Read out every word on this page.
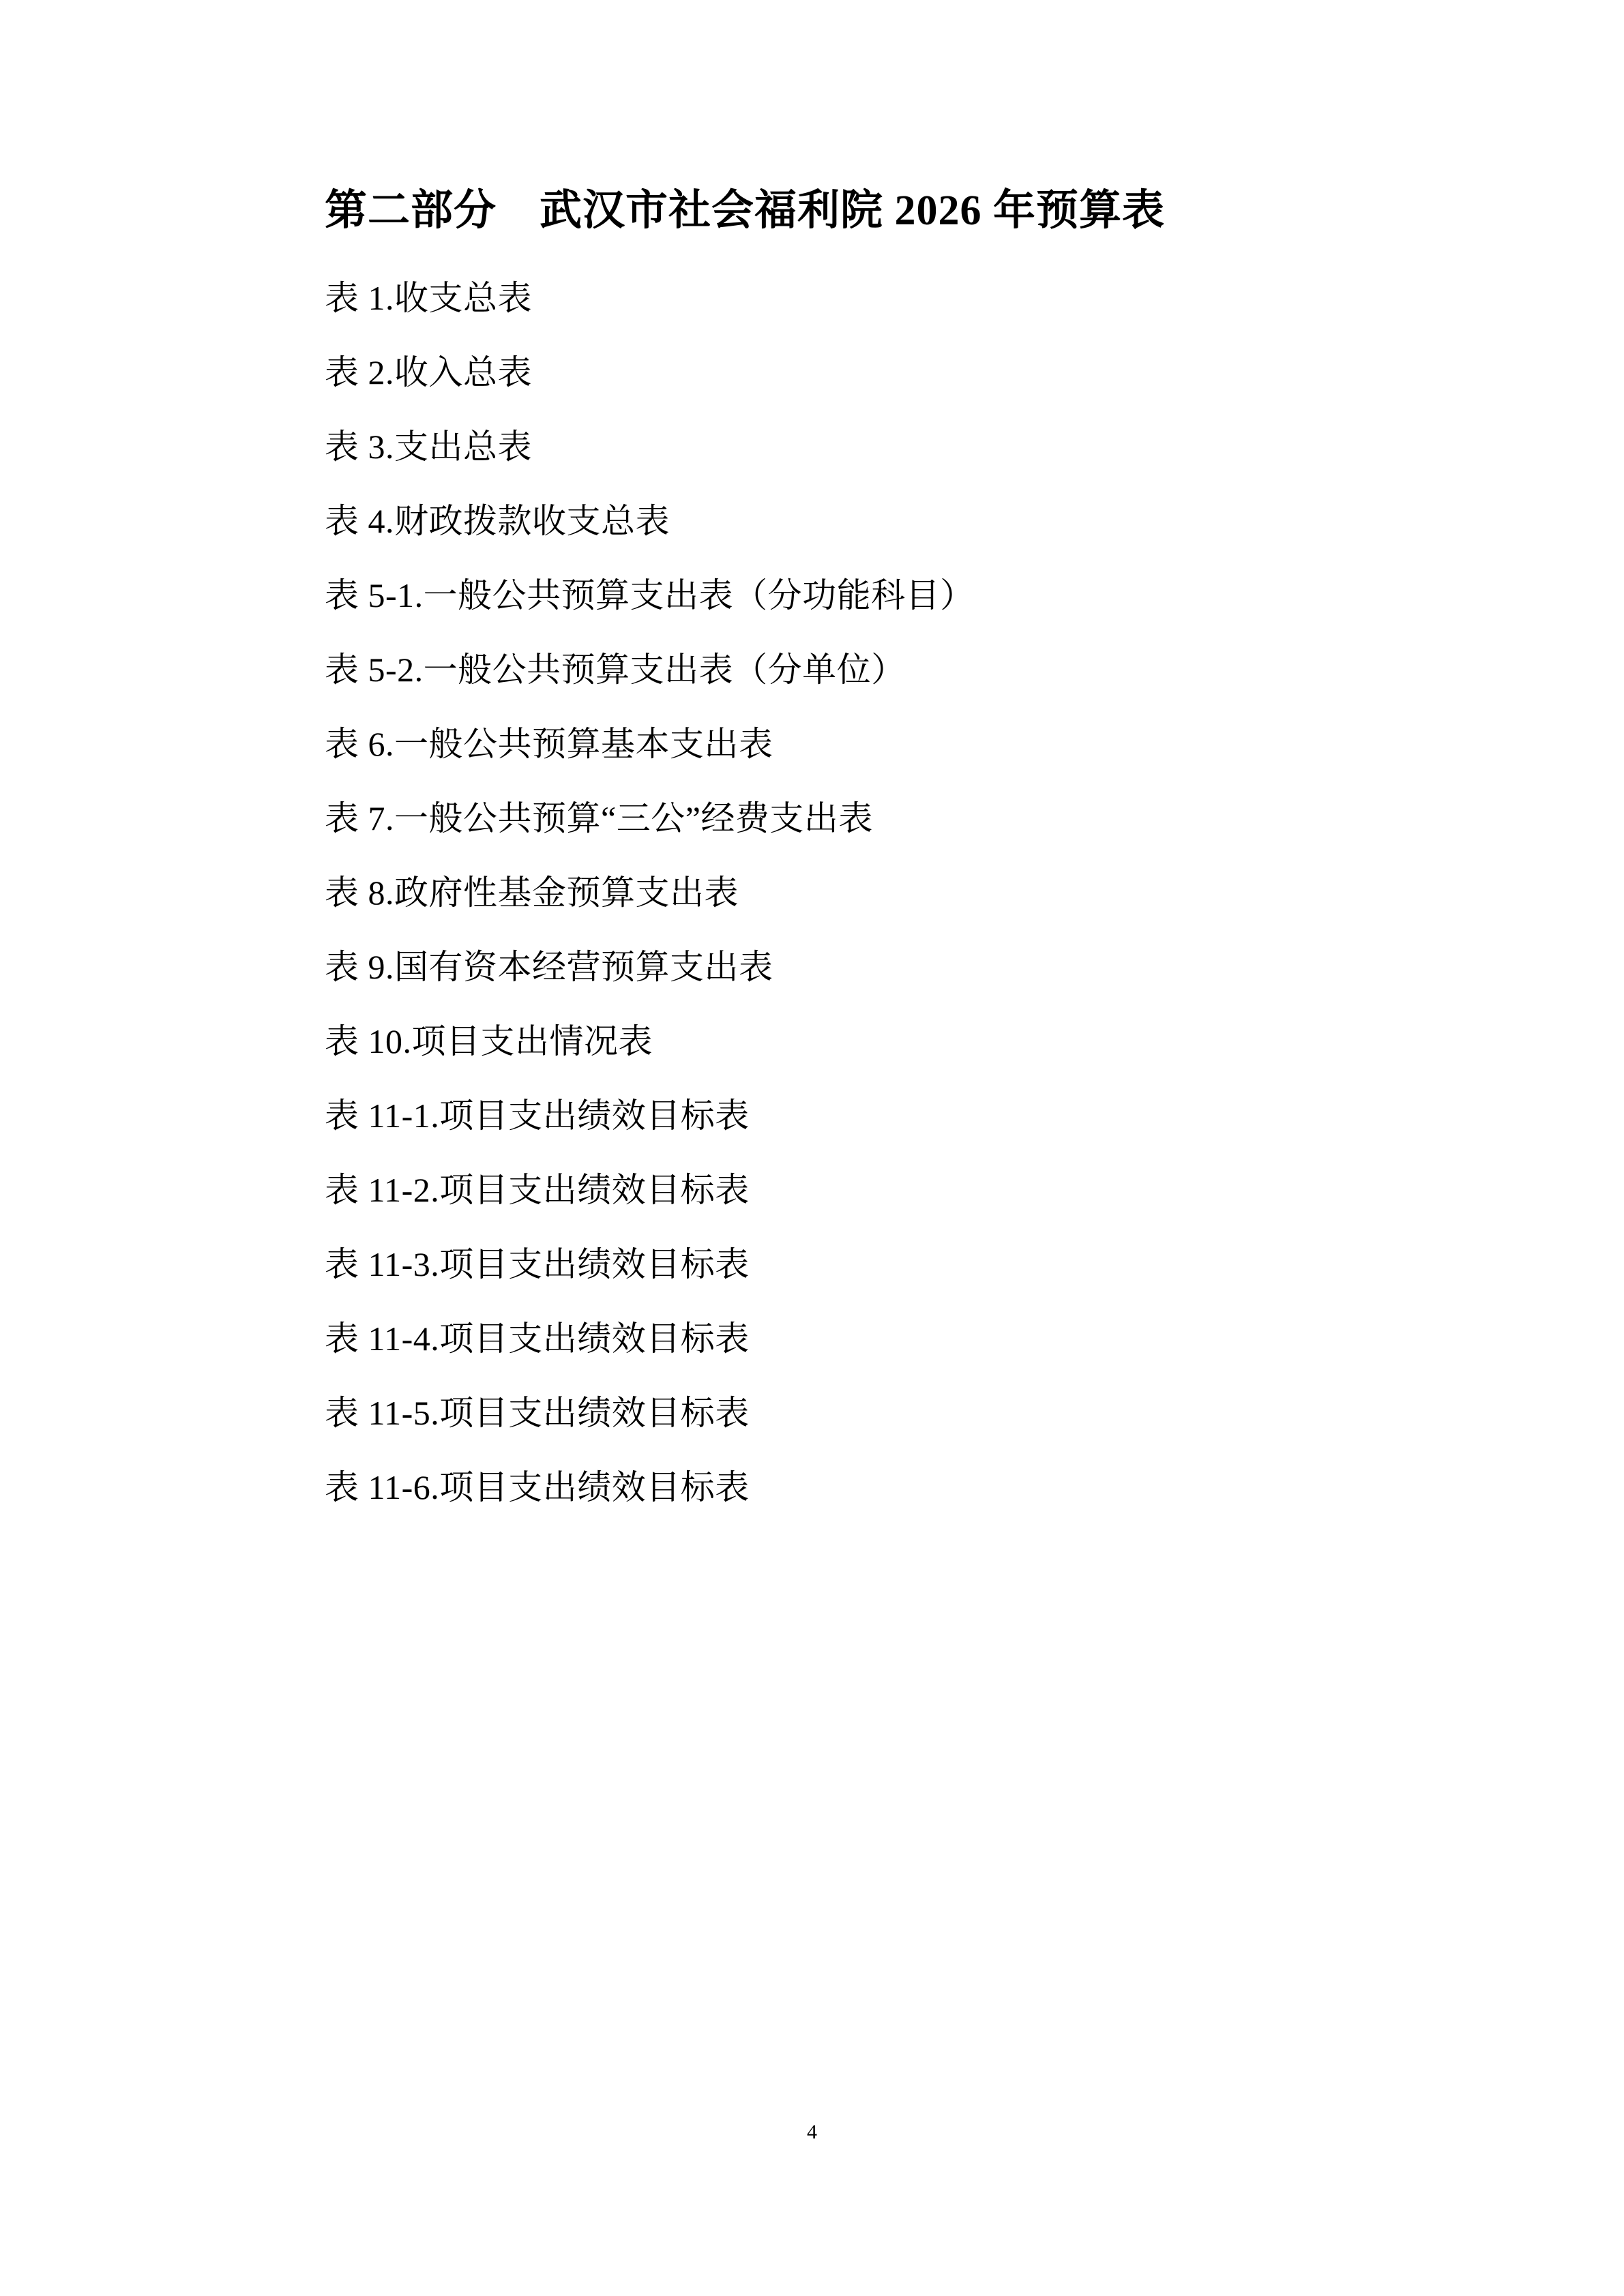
第二部分　武汉市社会福利院 2026 年预算表
表 1.收支总表
表 2.收入总表
表 3.支出总表
表 4.财政拨款收支总表
表 5-1.一般公共预算支出表（分功能科目）
表 5-2.一般公共预算支出表（分单位）
表 6.一般公共预算基本支出表
表 7.一般公共预算“三公”经费支出表
表 8.政府性基金预算支出表
表 9.国有资本经营预算支出表
表 10.项目支出情况表
表 11-1.项目支出绩效目标表
表 11-2.项目支出绩效目标表
表 11-3.项目支出绩效目标表
表 11-4.项目支出绩效目标表
表 11-5.项目支出绩效目标表
表 11-6.项目支出绩效目标表
4
